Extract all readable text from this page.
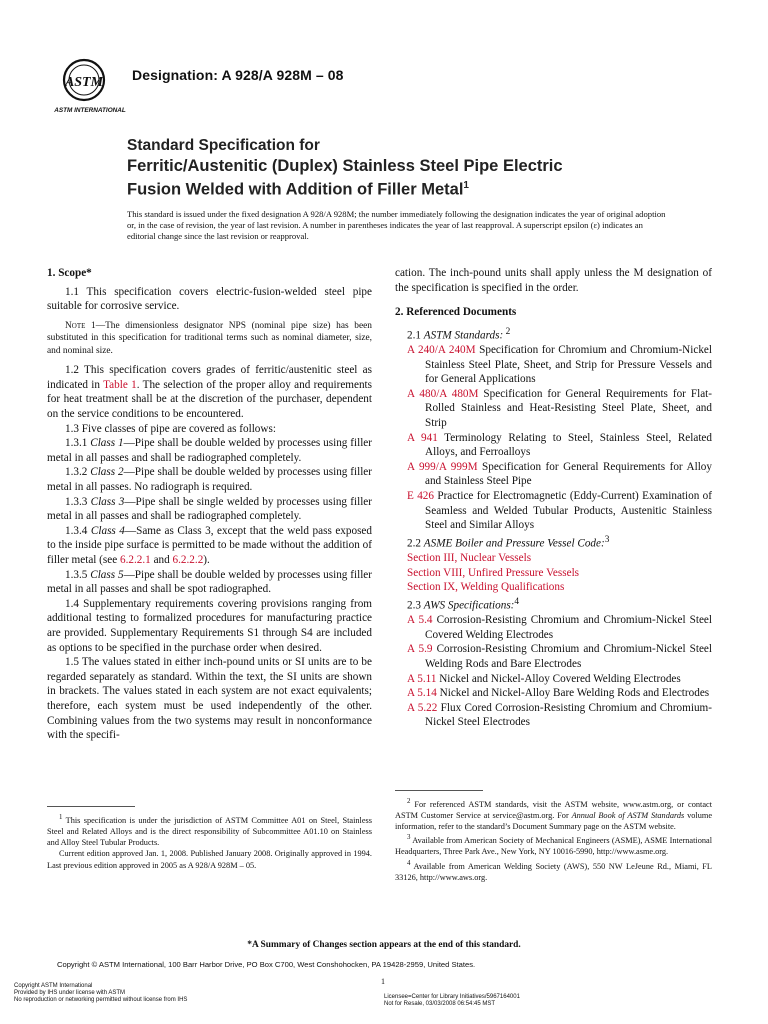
ASTM
ASTM INTERNATIONAL
Designation: A 928/A 928M – 08
Standard Specification for
Ferritic/Austenitic (Duplex) Stainless Steel Pipe Electric
Fusion Welded with Addition of Filler Metal$^1$
This standard is issued under the fixed designation A 928/A 928M; the number immediately following the designation indicates the year of original adoption or, in the case of revision, the year of last revision. A number in parentheses indicates the year of last reapproval. A superscript epsilon (ε) indicates an editorial change since the last revision or reapproval.
1. Scope*
1.1 This specification covers electric-fusion-welded steel pipe suitable for corrosive service.
Note 1—The dimensionless designator NPS (nominal pipe size) has been substituted in this specification for traditional terms such as nominal diameter, size, and nominal size.
1.2 This specification covers grades of ferritic/austenitic steel as indicated in Table 1. The selection of the proper alloy and requirements for heat treatment shall be at the discretion of the purchaser, dependent on the service conditions to be encountered.
1.3 Five classes of pipe are covered as follows:
1.3.1 Class 1—Pipe shall be double welded by processes using filler metal in all passes and shall be radiographed completely.
1.3.2 Class 2—Pipe shall be double welded by processes using filler metal in all passes. No radiograph is required.
1.3.3 Class 3—Pipe shall be single welded by processes using filler metal in all passes and shall be radiographed completely.
1.3.4 Class 4—Same as Class 3, except that the weld pass exposed to the inside pipe surface is permitted to be made without the addition of filler metal (see 6.2.2.1 and 6.2.2.2).
1.3.5 Class 5—Pipe shall be double welded by processes using filler metal in all passes and shall be spot radiographed.
1.4 Supplementary requirements covering provisions ranging from additional testing to formalized procedures for manufacturing practice are provided. Supplementary Requirements S1 through S4 are included as options to be specified in the purchase order when desired.
1.5 The values stated in either inch-pound units or SI units are to be regarded separately as standard. Within the text, the SI units are shown in brackets. The values stated in each system are not exact equivalents; therefore, each system must be used independently of the other. Combining values from the two systems may result in nonconformance with the specifi-
cation. The inch-pound units shall apply unless the M designation of the specification is specified in the order.
2. Referenced Documents
2.1 ASTM Standards: $^2$
A 240/A 240M Specification for Chromium and Chromium-Nickel Stainless Steel Plate, Sheet, and Strip for Pressure Vessels and for General Applications
A 480/A 480M Specification for General Requirements for Flat-Rolled Stainless and Heat-Resisting Steel Plate, Sheet, and Strip
A 941 Terminology Relating to Steel, Stainless Steel, Related Alloys, and Ferroalloys
A 999/A 999M Specification for General Requirements for Alloy and Stainless Steel Pipe
E 426 Practice for Electromagnetic (Eddy-Current) Examination of Seamless and Welded Tubular Products, Austenitic Stainless Steel and Similar Alloys
2.2 ASME Boiler and Pressure Vessel Code:$^3$
Section III, Nuclear Vessels
Section VIII, Unfired Pressure Vessels
Section IX, Welding Qualifications
2.3 AWS Specifications:$^4$
A 5.4 Corrosion-Resisting Chromium and Chromium-Nickel Steel Covered Welding Electrodes
A 5.9 Corrosion-Resisting Chromium and Chromium-Nickel Steel Welding Rods and Bare Electrodes
A 5.11 Nickel and Nickel-Alloy Covered Welding Electrodes
A 5.14 Nickel and Nickel-Alloy Bare Welding Rods and Electrodes
A 5.22 Flux Cored Corrosion-Resisting Chromium and Chromium-Nickel Steel Electrodes
$^1$ This specification is under the jurisdiction of ASTM Committee A01 on Steel, Stainless Steel and Related Alloys and is the direct responsibility of Subcommittee A01.10 on Stainless and Alloy Steel Tubular Products.
Current edition approved Jan. 1, 2008. Published January 2008. Originally approved in 1994. Last previous edition approved in 2005 as A 928/A 928M – 05.
$^2$ For referenced ASTM standards, visit the ASTM website, www.astm.org, or contact ASTM Customer Service at service@astm.org. For Annual Book of ASTM Standards volume information, refer to the standard’s Document Summary page on the ASTM website.
$^3$ Available from American Society of Mechanical Engineers (ASME), ASME International Headquarters, Three Park Ave., New York, NY 10016-5990, http://www.asme.org.
$^4$ Available from American Welding Society (AWS), 550 NW LeJeune Rd., Miami, FL 33126, http://www.aws.org.
*A Summary of Changes section appears at the end of this standard.
Copyright © ASTM International, 100 Barr Harbor Drive, PO Box C700, West Conshohocken, PA 19428-2959, United States.
1
Copyright ASTM International
Provided by IHS under license with ASTM
No reproduction or networking permitted without license from IHS	Licensee=Center for Library Initiatives/5967164001
Not for Resale, 03/03/2008 06:54:45 MST
